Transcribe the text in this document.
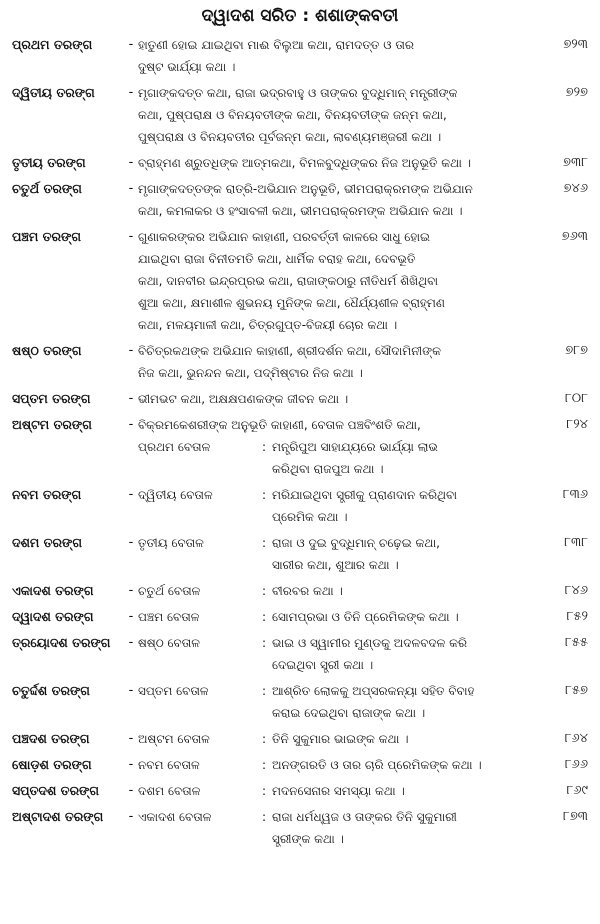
ଦ୍ୱାଦଶ ସରିତ : ଶଶାଙ୍କବତୀ
ପ୍ରଥମ ତରଙ୍ଗ	- ହାତୁଣୀ ହୋଇ ଯାଇଥିବା ମାଈ ବିଲୁଆ କଥା, ରାମଦତ୍ତ ଓ ତାର
ଦୁଷ୍ଟ ଭାର୍ଯ୍ୟା କଥା ।
୭୨୩
ଦ୍ୱିତୀୟ ତରଙ୍ଗ	- ମୃଗାଙ୍କଦତ୍ତ କଥା, ରାଜା ଭଦ୍ରବାହୁ ଓ ତାଙ୍କର ବୁଦ୍ଧିମାନ୍ ମନ୍ତ୍ରୀଙ୍କ
କଥା, ପୁଷ୍ପରାକ୍ଷ ଓ ବିନୟବତୀଙ୍କ କଥା, ବିନୟବତୀଙ୍କ ଜନ୍ମ କଥା,
ପୁଷ୍ପରାକ୍ଷ ଓ ବିନୟବତୀର ପୂର୍ବଜନ୍ମ କଥା, ଲାବଣ୍ୟମଞ୍ଜରୀ କଥା ।
୭୨୭
ତୃତୀୟ ତରଙ୍ଗ	- ବ୍ରାହ୍ମଣ ଶ୍ରୁତଧିଙ୍କ ଆତ୍ମକଥା, ବିମଳବୁଦ୍ଧିଙ୍କର ନିଜ ଅନୁଭୂତି କଥା ।	୭୩୮
ଚତୁର୍ଥ ତରଙ୍ଗ	- ମୃଗାଙ୍କଦତ୍ତଙ୍କ ରାତ୍ରି-ଅଭିଯାନ ଅନୁଭୂତି, ଭୀମପରାକ୍ରମଙ୍କ ଅଭିଯାନ
କଥା, କମଳାକର ଓ ହଂସାବଳୀ କଥା, ଭୀମପରାକ୍ରମଙ୍କ ଅଭିଯାନ କଥା ।
୭୪୬
ପଞ୍ଚମ ତରଙ୍ଗ	- ଗୁଣାକରଙ୍କର ଅଭିଯାନ କାହାଣୀ, ପରବର୍ତ୍ତୀ କାଳରେ ସାଧୁ ହୋଇ
ଯାଇଥିବା ରାଜା ବିନୀତମତି କଥା, ଧାର୍ମିକ ବରାହ କଥା, ଦେବଭୂତି
କଥା, ଦାନବୀର ଇନ୍ଦ୍ରପ୍ରଭ କଥା, ରାଜାଙ୍କଠାରୁ ନୀତିଧର୍ମ ଶିଖିଥିବା
ଶୁଆ କଥା, କ୍ଷମାଶୀଳ ଶୁଭନୟ ମୁନିଙ୍କ କଥା, ଧୈର୍ଯ୍ୟଶୀଳ ବ୍ରାହ୍ମଣ
କଥା, ମଳୟମାଳୀ କଥା, ଚିତ୍ରଗୁପ୍ତ-ବିଜୟୀ ଚୋର କଥା ।
୭୬୩
ଷଷ୍ଠ ତରଙ୍ଗ	- ବିଚିତ୍ରକଥଙ୍କ ଅଭିଯାନ କାହାଣୀ, ଶ୍ରୀଦର୍ଶନ କଥା, ସୌଦାମିନୀଙ୍କ
ନିଜ କଥା, ଭୁନନ୍ଦନ କଥା, ପଦ୍ମିଷ୍ଟାର ନିଜ କଥା ।
୭୮୭
ସପ୍ତମ ତରଙ୍ଗ	- ଭୀମଭଟ କଥା, ଅକ୍ଷକ୍ଷପଣକଙ୍କ ଜୀବନ କଥା ।	୮୦୮
ଅଷ୍ଟମ ତରଙ୍ଗ	- ବିକ୍ରମକେଶରୀଙ୍କ ଅନୁଭୂତି କାହାଣୀ, ବେତାଳ ପଞ୍ଚବିଂଶତି କଥା,
ପ୍ରଥମ ବେତାଳ	: ମନ୍ତ୍ରିପୁଅ ସାହାଯ୍ୟରେ ଭାର୍ଯ୍ୟା ଲାଭ
କରିଥିବା ରାଜପୁଅ କଥା ।
୮୨୪
ନବମ ତରଙ୍ଗ	- ଦ୍ୱିତୀୟ ବେତାଳ	: ମରିଯାଇଥିବା ସ୍ତ୍ରୀକୁ ପ୍ରାଣଦାନ କରିଥିବା
ପ୍ରେମିକ କଥା ।
୮୩୬
ଦଶମ ତରଙ୍ଗ	- ତୃତୀୟ ବେତାଳ	: ରାଜା ଓ ଦୁଇ ବୁଦ୍ଧିମାନ୍ ଚଢ଼େଇ କଥା,
ସାରୀର କଥା, ଶୁଆର କଥା ।
୮୩୮
ଏକାଦଶ ତରଙ୍ଗ	- ଚତୁର୍ଥ ବେତାଳ	: ବୀରବର କଥା ।	୮୪୬
ଦ୍ୱାଦଶ ତରଙ୍ଗ	- ପଞ୍ଚମ ବେତାଳ	: ସୋମପ୍ରଭା ଓ ତିନି ପ୍ରେମିକଙ୍କ କଥା ।	୮୫୨
ତ୍ରୟୋଦଶ ତରଙ୍ଗ	- ଷଷ୍ଠ ବେତାଳ	: ଭାଇ ଓ ସ୍ୱାମୀର ମୁଣ୍ଡକୁ ଅଦଳବଦଳ କରି
ଦେଇଥିବା ସ୍ତ୍ରୀ କଥା ।
୮୫୫
ଚତୁର୍ଦ୍ଦଶ ତରଙ୍ଗ	- ସପ୍ତମ ବେତାଳ	: ଆଶ୍ରିତ ଲୋକକୁ ଅପ୍ସରକନ୍ୟା ସହିତ ବିବାହ
କରାଇ ଦେଇଥିବା ରାଜାଙ୍କ କଥା ।
୮୫୭
ପଞ୍ଚଦଶ ତରଙ୍ଗ	- ଅଷ୍ଟମ ବେତାଳ	: ତିନି ସୁକୁମାର ଭାଇଙ୍କ କଥା ।	୮୬୪
ଷୋଡ଼ଶ ତରଙ୍ଗ	- ନବମ ବେତାଳ	: ଅନଙ୍ଗରତି ଓ ତାର ଚାରି ପ୍ରେମିକଙ୍କ କଥା ।	୮୬୬
ସପ୍ତଦଶ ତରଙ୍ଗ	- ଦଶମ ବେତାଳ	: ମଦନସେନାର ସମସ୍ୟା କଥା ।	୮୬୯
ଅଷ୍ଟାଦଶ ତରଙ୍ଗ	- ଏକାଦଶ ବେତାଳ	: ରାଜା ଧର୍ମଧ୍ୱଜ ଓ ତାଙ୍କର ତିନି ସୁକୁମାରୀ
ସ୍ତ୍ରୀଙ୍କ କଥା ।
୮୭୩
